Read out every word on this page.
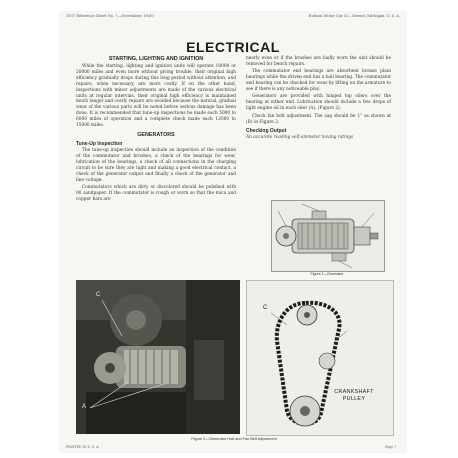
1937 Reference Sheet No. 7—(November, 1936)	Hudson Motor Car Co., Detroit, Michigan, U. S. A.
ELECTRICAL
STARTING, LIGHTING AND IGNITION

While the starting, lighting and ignition units will operate 10000 or 20000 miles and even more without giving trouble, their original high efficiency gradually drops during this long period without attention; and repairs, when necessary, are more costly. If on the other hand, inspections with minor adjustments are made of the various electrical units at regular intervals, their original high efficiency is maintained much longer and costly repairs are avoided because the natural, gradual wear of the various parts will be noted before serious damage has been done. It is recommended that tune-up inspections be made each 5000 to 6000 miles of operation and a complete check made each 12000 to 15000 miles.

GENERATORS
Tune-Up Inspection

The tune-up inspection should include an inspection of the condition of the commutator and brushes, a check of the bearings for wear, lubrication of the bearings, a check of all connections in the charging circuit to be sure they are tight and making a good electrical contact, a check of the generator output and finally a check of the generator and line voltage.

Commutators which are dirty or discolored should be polished with 00 sandpaper. If the commutator is rough or worn so that the mica and copper bars are

nearly even or if the brushes are badly worn the unit should be removed for bench repairs.

The commutator end bearings are absorbent bronze plain bearings while the driven end has a ball bearing. The commutator end bearing can be checked for wear by lifting on the armature to see if there is any noticeable play.

Generators are provided with hinged top oilers over the bearing at either end. Lubrication should include a few drops of light engine oil in each oiler (A), (Figure 2).

Check fan belt adjustment. The sag should be 1" as shown at (B) in Figure 2.

Checking Output
An accurate reading self-ammeter having ratings
Figure 1—Generator
C
A
C
CRANKSHAFT
PULLEY
Figure 2—Generator Hub and Fan Belt Adjustment
PRINTED IN U. S. A.	Page 7
